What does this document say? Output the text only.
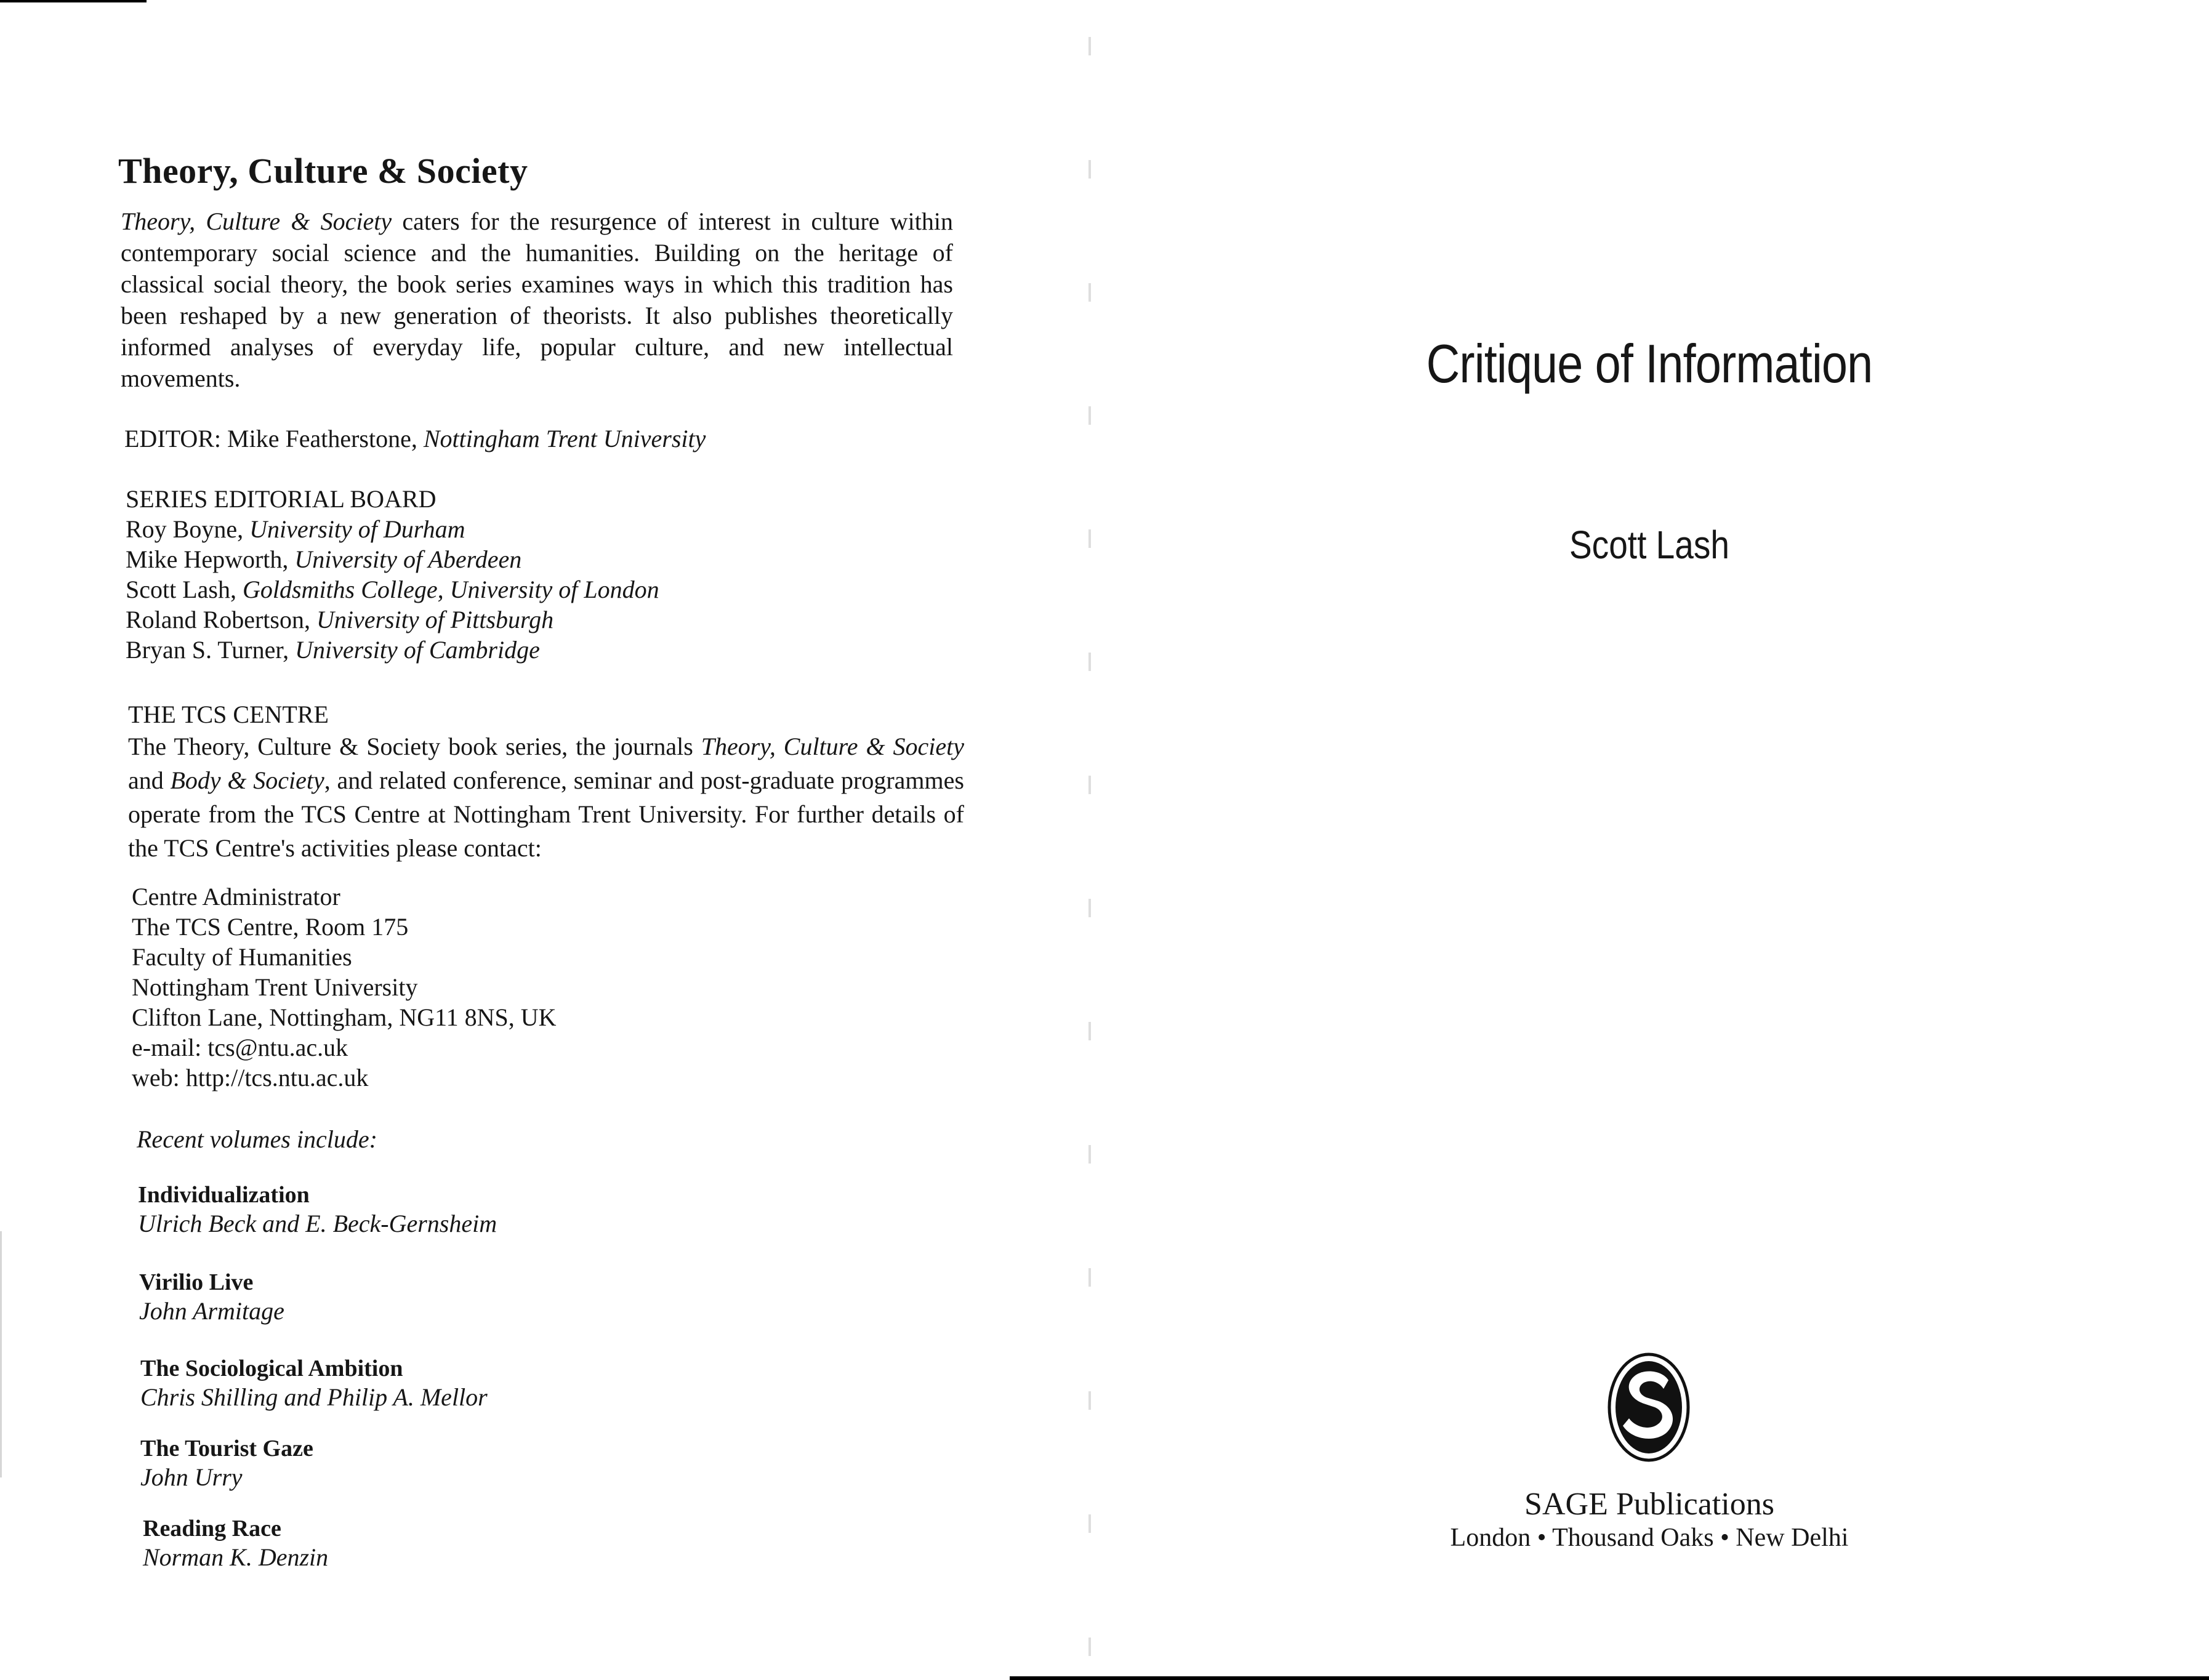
Theory, Culture & Society
Theory, Culture & Society caters for the resurgence of interest in culture within contemporary social science and the humanities. Building on the heritage of classical social theory, the book series examines ways in which this tradition has been reshaped by a new generation of theorists. It also publishes theoretically informed analyses of everyday life, popular culture, and new intellectual movements.
EDITOR: Mike Featherstone, Nottingham Trent University
SERIES EDITORIAL BOARD
Roy Boyne, University of Durham
Mike Hepworth, University of Aberdeen
Scott Lash, Goldsmiths College, University of London
Roland Robertson, University of Pittsburgh
Bryan S. Turner, University of Cambridge
THE TCS CENTRE
The Theory, Culture & Society book series, the journals Theory, Culture & Society and Body & Society, and related conference, seminar and post-graduate programmes operate from the TCS Centre at Nottingham Trent University. For further details of the TCS Centre's activities please contact:
Centre Administrator
The TCS Centre, Room 175
Faculty of Humanities
Nottingham Trent University
Clifton Lane, Nottingham, NG11 8NS, UK
e-mail: tcs@ntu.ac.uk
web: http://tcs.ntu.ac.uk
Recent volumes include:
Individualization
Ulrich Beck and E. Beck-Gernsheim
Virilio Live
John Armitage
The Sociological Ambition
Chris Shilling and Philip A. Mellor
The Tourist Gaze
John Urry
Reading Race
Norman K. Denzin
Critique of Information
Scott Lash
SAGE Publications
London • Thousand Oaks • New Delhi
